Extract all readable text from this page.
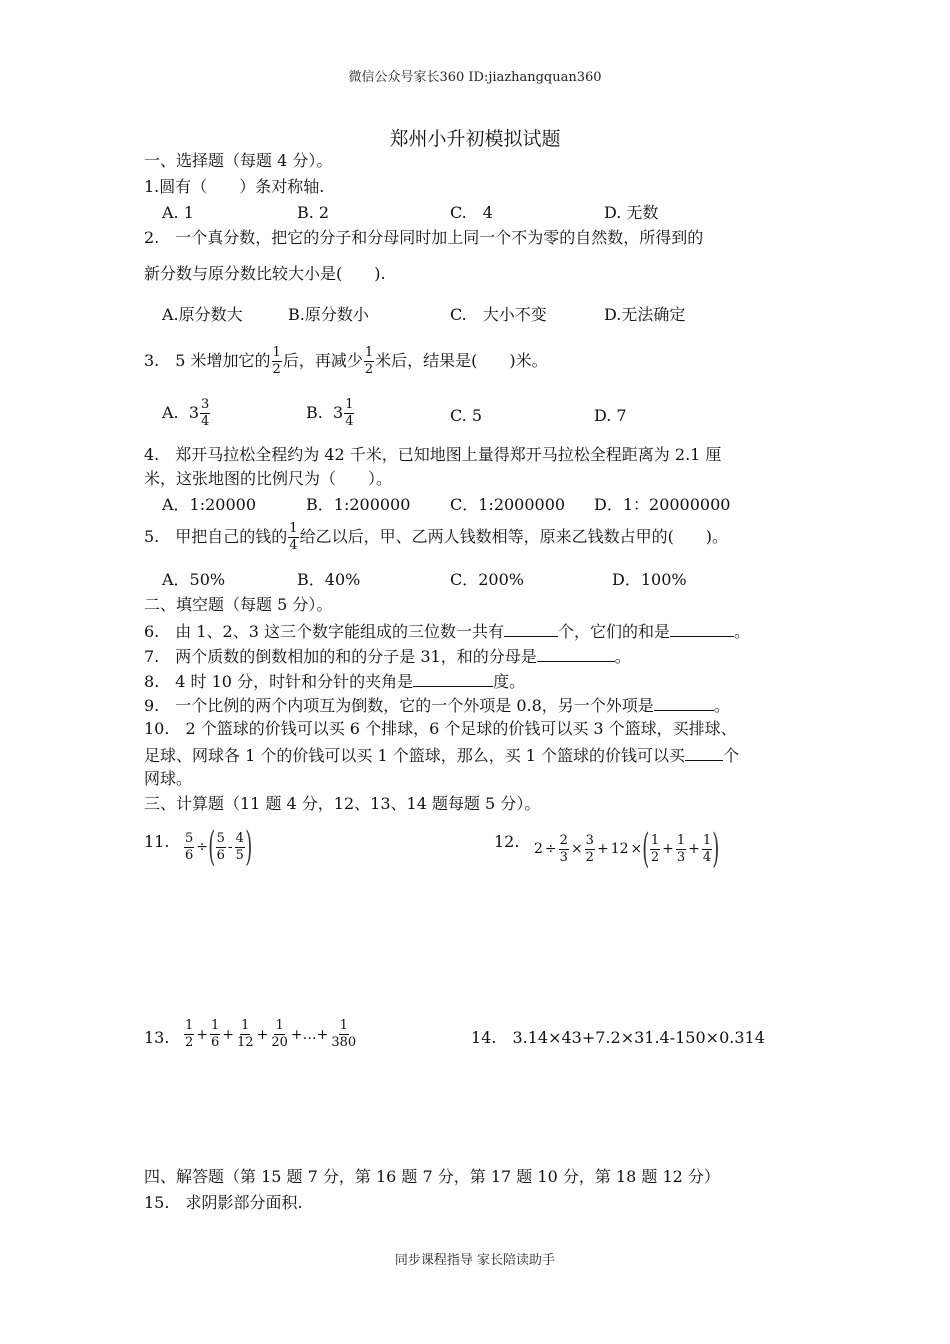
微信公众号家长360 ID:jiazhangquan360
郑州小升初模拟试题
一、选择题（每题 4 分）。
1.圆有（　　）条对称轴.
A. 1	B. 2	C.　4	D. 无数
2.　一个真分数，把它的分子和分母同时加上同一个不为零的自然数，所得到的
新分数与原分数比较大小是(　　).
A.原分数大	B.原分数小	C.　大小不变	D.无法确定
3.　5 米增加它的 $\frac{1}{2}$ 后，再减少 $\frac{1}{2}$ 米后，结果是(　　)米。
A. $3 \frac{3}{4}$	B. $3 \frac{1}{4}$	C. 5	D. 7
4.　郑开马拉松全程约为 42 千米，已知地图上量得郑开马拉松全程距离为 2.1 厘
米，这张地图的比例尺为（　　）。
A．1:20000	B．1:200000 C．1:2000000 D．1：20000000
5.　甲把自己的钱的 $\frac{1}{4}$ 给乙以后，甲、乙两人钱数相等，原来乙钱数占甲的(　　)。
A．50%	B．40%	C．200%	D．100%
二、填空题（每题 5 分）。
6.　由 1、2、3 这三个数字能组成的三位数一共有	个，它们的和是	。
7.　两个质数的倒数相加的和的分子是 31，和的分母是	。
8.　4 时 10 分，时针和分针的夹角是	度。
9.　一个比例的两个内项互为倒数，它的一个外项是 0.8，另一个外项是	。
10.　2 个篮球的价钱可以买 6 个排球，6 个足球的价钱可以买 3 个篮球，买排球、
足球、网球各 1 个的价钱可以买 1 个篮球，那么，买 1 个篮球的价钱可以买 个
网球。
三、计算题（11 题 4 分，12、13、14 题每题 5 分）。
11. $\frac{5}{6}$ ÷ ( $\frac{5}{6} - \frac{4}{5}$ )	12. $2 \div \frac{2}{3} \times \frac{3}{2} + 12$ × ( $\frac{1}{2} + \frac{1}{3} + \frac{1}{4}$ )
13. $\frac{1}{2} + \frac{1}{6} + \frac{1}{12} + \frac{1}{20}$ +…+ $\frac{1}{380}$	14.　3.14×43+7.2×31.4-150×0.314
四、解答题（第 15 题 7 分，第 16 题 7 分，第 17 题 10 分，第 18 题 12 分）
15.　求阴影部分面积.
同步课程指导 家长陪读助手
